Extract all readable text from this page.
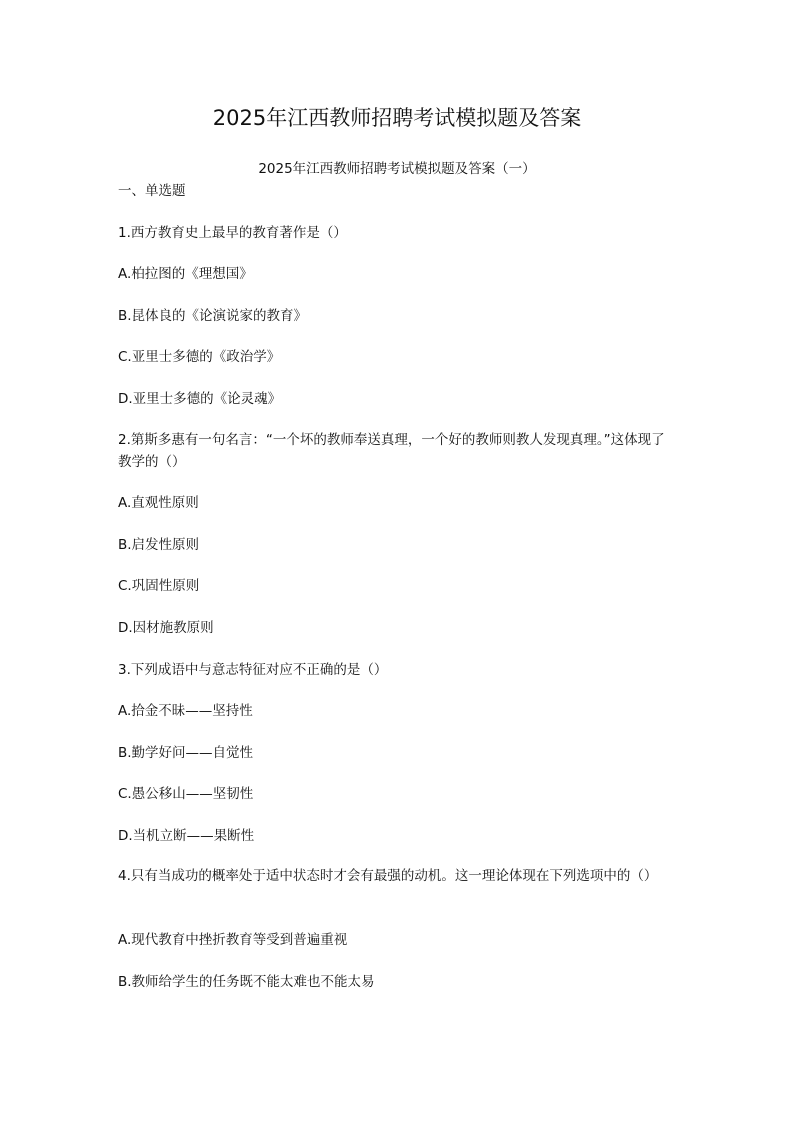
2025年江西教师招聘考试模拟题及答案
2025年江西教师招聘考试模拟题及答案（一）
一、单选题
1.西方教育史上最早的教育著作是（）
A.柏拉图的《理想国》
B.昆体良的《论演说家的教育》
C.亚里士多德的《政治学》
D.亚里士多德的《论灵魂》
2.第斯多惠有一句名言：“一个坏的教师奉送真理，一个好的教师则教人发现真理。”这体现了教学的（）
A.直观性原则
B.启发性原则
C.巩固性原则
D.因材施教原则
3.下列成语中与意志特征对应不正确的是（）
A.拾金不昧——坚持性
B.勤学好问——自觉性
C.愚公移山——坚韧性
D.当机立断——果断性
4.只有当成功的概率处于适中状态时才会有最强的动机。这一理论体现在下列选项中的（）
A.现代教育中挫折教育等受到普遍重视
B.教师给学生的任务既不能太难也不能太易
